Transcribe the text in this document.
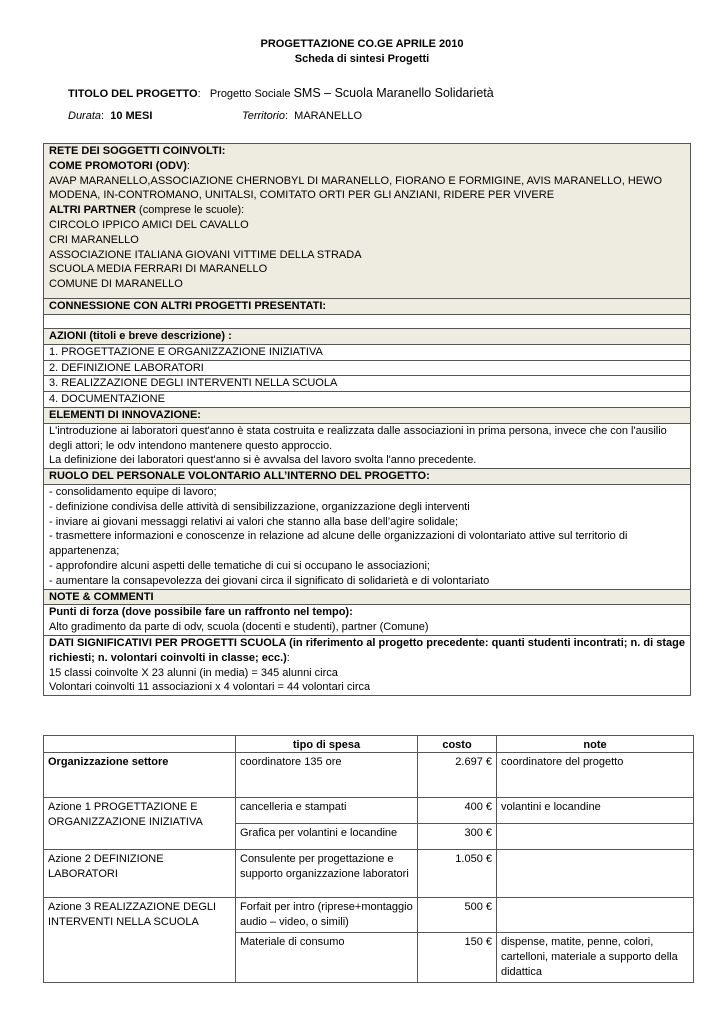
PROGETTAZIONE CO.GE APRILE 2010
Scheda di sintesi Progetti
TITOLO DEL PROGETTO:   Progetto Sociale SMS – Scuola Maranello Solidarietà
Durata:  10 MESI	Territorio:  MARANELLO
RETE DEI SOGGETTI COINVOLTI:
COME PROMOTORI (ODV):
AVAP MARANELLO,ASSOCIAZIONE CHERNOBYL DI MARANELLO, FIORANO E FORMIGINE, AVIS MARANELLO, HEWO MODENA, IN-CONTROMANO, UNITALSI, COMITATO ORTI PER GLI ANZIANI, RIDERE PER VIVERE
ALTRI PARTNER (comprese le scuole):
CIRCOLO IPPICO AMICI DEL CAVALLO
CRI MARANELLO
ASSOCIAZIONE ITALIANA GIOVANI VITTIME DELLA STRADA
SCUOLA MEDIA FERRARI DI MARANELLO
COMUNE DI MARANELLO

CONNESSIONE CON ALTRI PROGETTI PRESENTATI:

AZIONI (titoli e breve descrizione) :
1. PROGETTAZIONE E ORGANIZZAZIONE INIZIATIVA
2. DEFINIZIONE LABORATORI
3. REALIZZAZIONE DEGLI INTERVENTI NELLA SCUOLA
4. DOCUMENTAZIONE
ELEMENTI DI INNOVAZIONE:

L'introduzione ai laboratori quest'anno è stata costruita e realizzata dalle associazioni in prima persona, invece che con l'ausilio degli attori; le odv intendono mantenere questo approccio.
La definizione dei laboratori quest'anno si è avvalsa del lavoro svolta l'anno precedente.

RUOLO DEL PERSONALE VOLONTARIO ALL’INTERNO DEL PROGETTO:

- consolidamento equipe di lavoro;
- definizione condivisa delle attività di sensibilizzazione, organizzazione degli interventi
- inviare ai giovani messaggi relativi ai valori che stanno alla base dell’agire solidale;
- trasmettere informazioni e conoscenze in relazione ad alcune delle organizzazioni di volontariato attive sul territorio di appartenenza;
- approfondire alcuni aspetti delle tematiche di cui si occupano le associazioni;
- aumentare la consapevolezza dei giovani circa il significato di solidarietà e di volontariato

NOTE & COMMENTI

Punti di forza (dove possibile fare un raffronto nel tempo):
Alto gradimento da parte di odv, scuola (docenti e studenti), partner (Comune)

DATI SIGNIFICATIVI PER PROGETTI SCUOLA (in riferimento al progetto precedente: quanti studenti incontrati; n. di stage richiesti; n. volontari coinvolti in classe; ecc.):
15 classi coinvolte X 23 alunni (in media) = 345 alunni circa
Volontari coinvolti 11 associazioni x 4 volontari = 44 volontari circa
	tipo di spesa	costo	note
Organizzazione settore	coordinatore 135 ore	2.697 €	coordinatore del progetto
Azione 1 PROGETTAZIONE E ORGANIZZAZIONE INIZIATIVA	cancelleria e stampati	400 €	volantini e locandine
	Grafica per volantini e locandine	300 €	
Azione 2 DEFINIZIONE LABORATORI	Consulente per progettazione e supporto organizzazione laboratori	1.050 €	
Azione 3 REALIZZAZIONE DEGLI INTERVENTI NELLA SCUOLA	Forfait per intro (riprese+montaggio audio – video, o simili)	500 €	
	Materiale di consumo	150 €	dispense, matite, penne, colori, cartelloni, materiale a supporto della didattica
